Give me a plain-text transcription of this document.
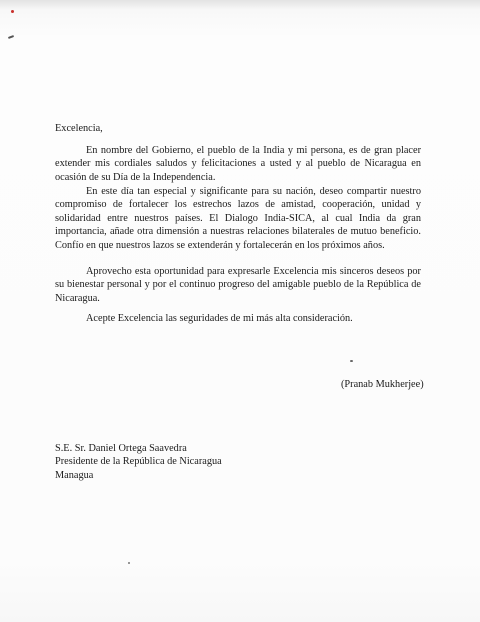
Excelencia,

En nombre del Gobierno, el pueblo de la India y mi persona, es de gran placer extender mis cordiales saludos y felicitaciones a usted y al pueblo de Nicaragua en ocasión de su Día de la Independencia.

En este día tan especial y significante para su nación, deseo compartir nuestro compromiso de fortalecer los estrechos lazos de amistad, cooperación, unidad y solidaridad entre nuestros países. El Dialogo India-SICA, al cual India da gran importancia, añade otra dimensión a nuestras relaciones bilaterales de mutuo beneficio. Confío en que nuestros lazos se extenderán y fortalecerán en los próximos años.

Aprovecho esta oportunidad para expresarle Excelencia mis sinceros deseos por su bienestar personal y por el continuo progreso del amigable pueblo de la República de Nicaragua.

Acepte Excelencia las seguridades de mi más alta consideración.

(Pranab Mukherjee)
S.E. Sr. Daniel Ortega Saavedra
Presidente de la República de Nicaragua
Managua
